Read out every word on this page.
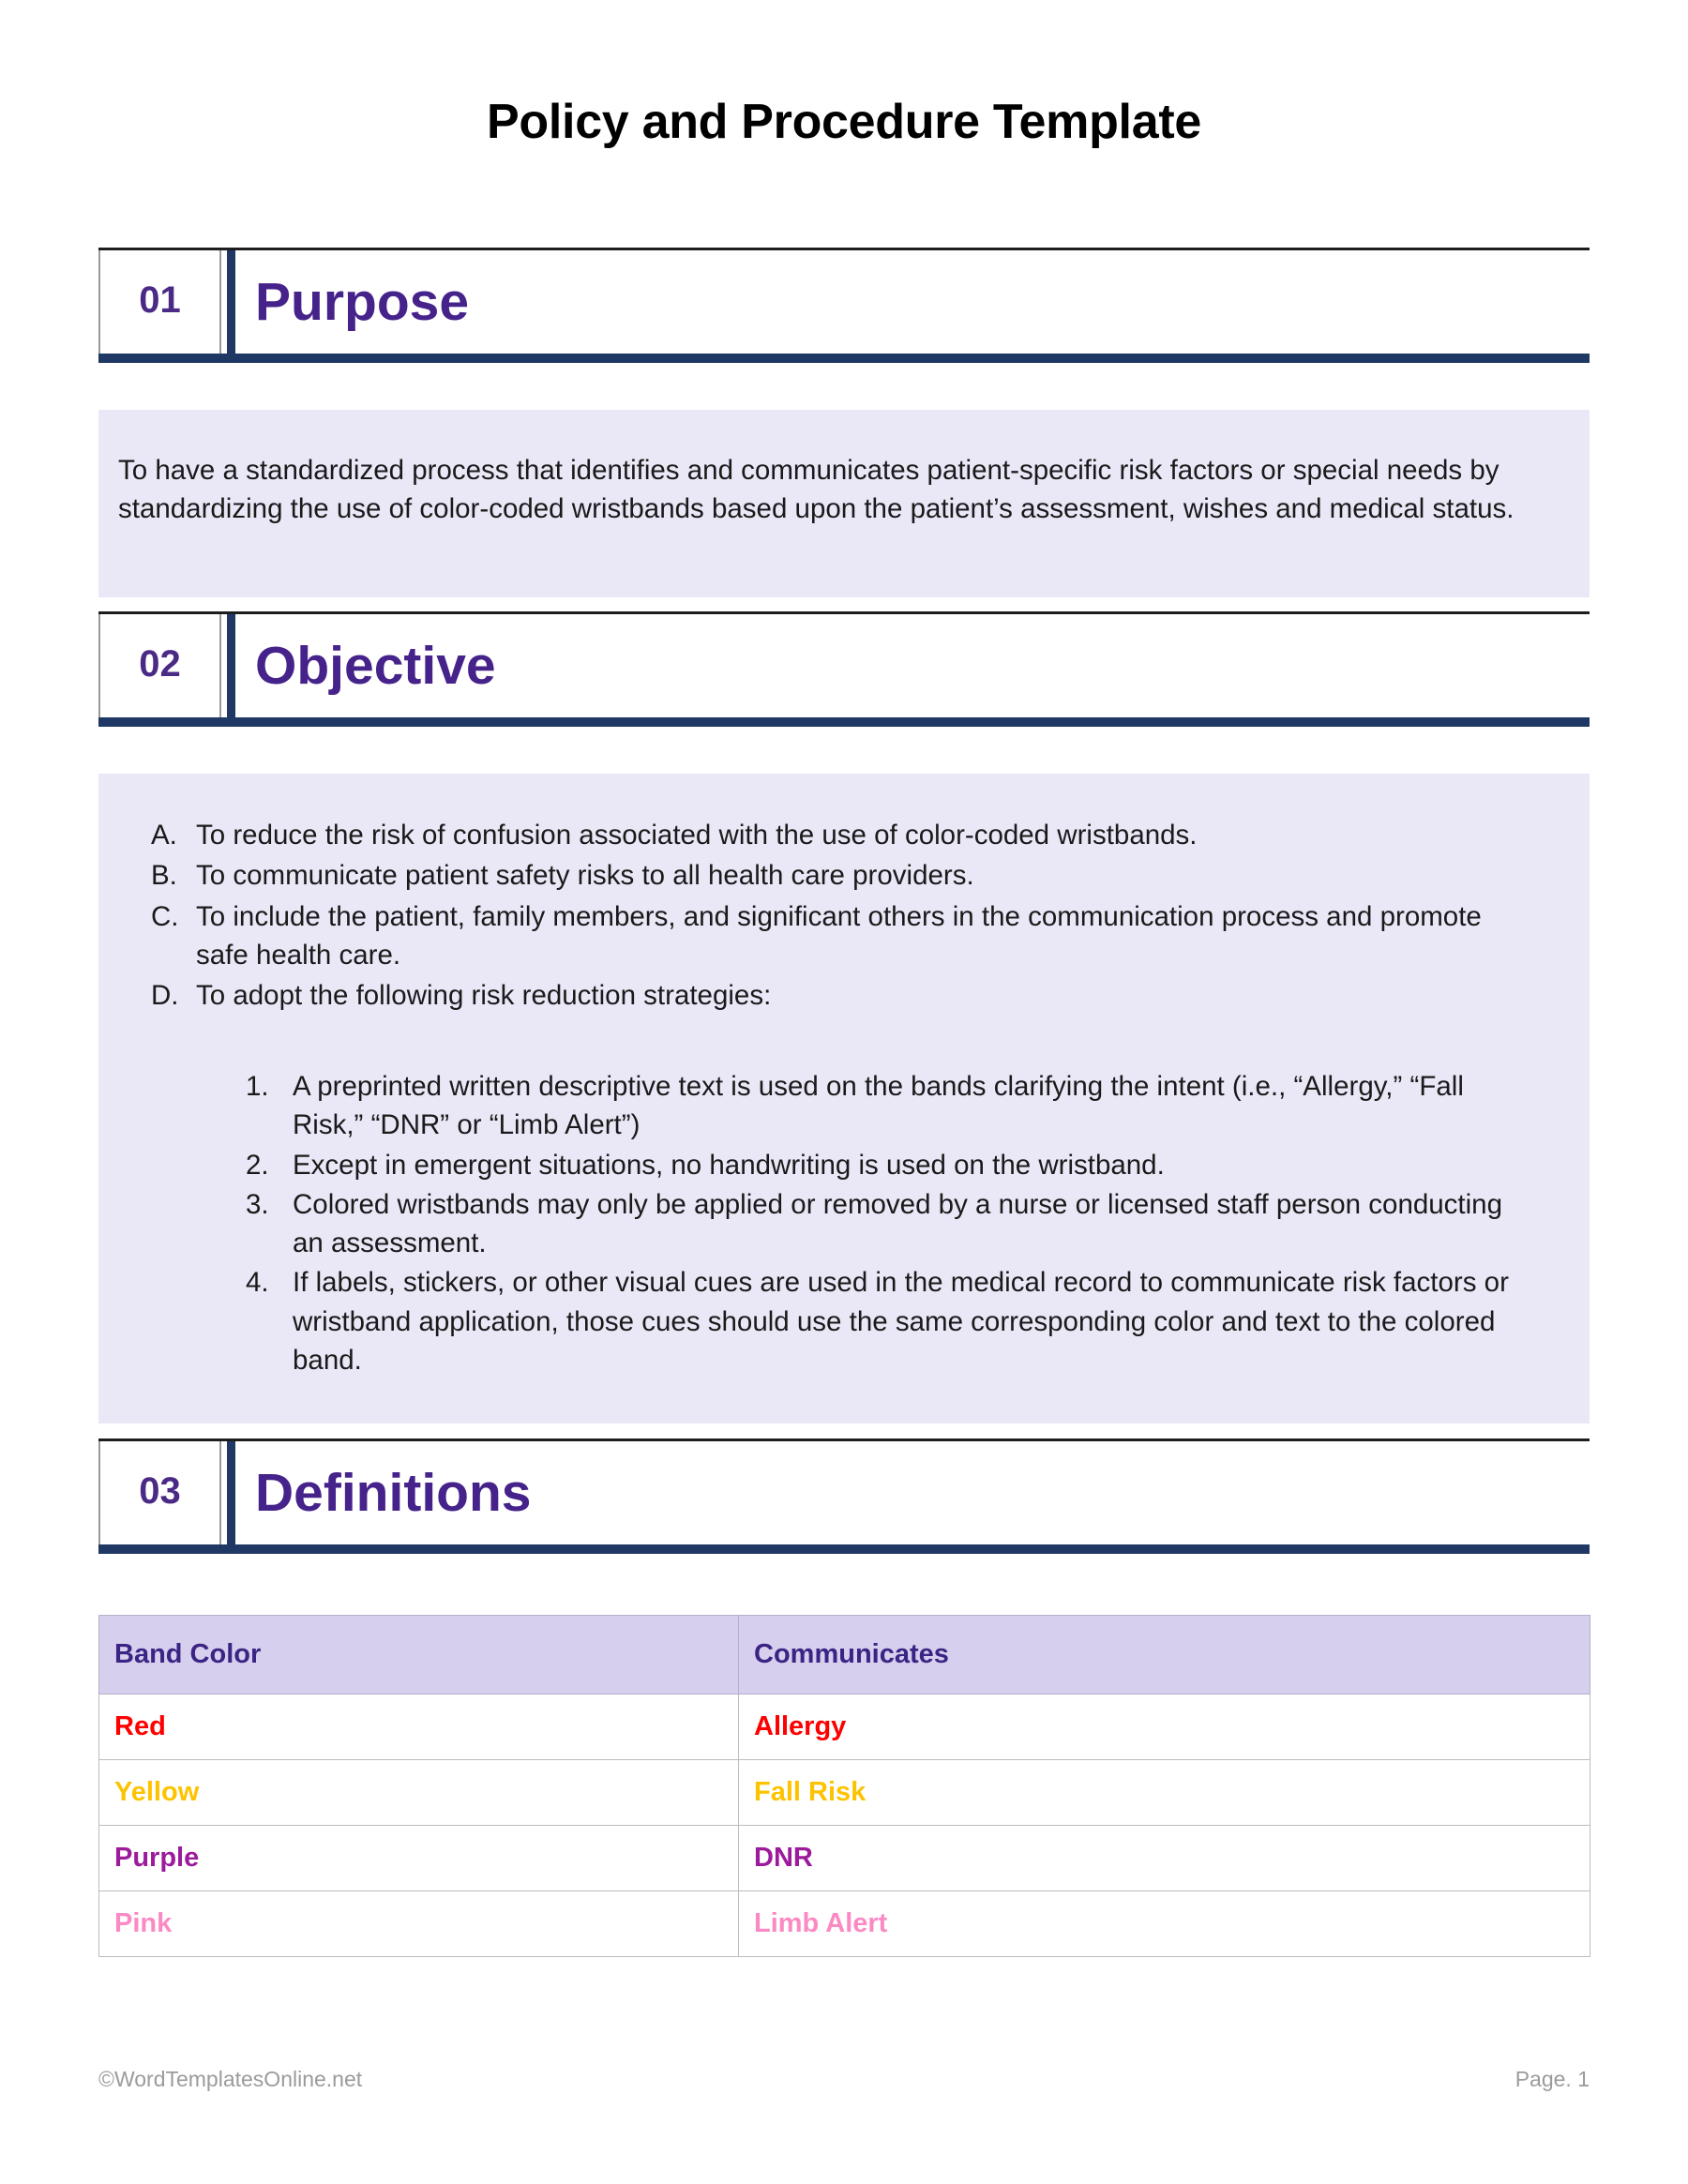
Policy and Procedure Template
01 Purpose
To have a standardized process that identifies and communicates patient-specific risk factors or special needs by standardizing the use of color-coded wristbands based upon the patient’s assessment, wishes and medical status.
02 Objective
A. To reduce the risk of confusion associated with the use of color-coded wristbands.
B. To communicate patient safety risks to all health care providers.
C. To include the patient, family members, and significant others in the communication process and promote safe health care.
D. To adopt the following risk reduction strategies:
1. A preprinted written descriptive text is used on the bands clarifying the intent (i.e., “Allergy,” “Fall Risk,” “DNR” or “Limb Alert”)
2. Except in emergent situations, no handwriting is used on the wristband.
3. Colored wristbands may only be applied or removed by a nurse or licensed staff person conducting an assessment.
4. If labels, stickers, or other visual cues are used in the medical record to communicate risk factors or wristband application, those cues should use the same corresponding color and text to the colored band.
03 Definitions
Band Color	Communicates
Red	Allergy
Yellow	Fall Risk
Purple	DNR
Pink	Limb Alert
©WordTemplatesOnline.net	Page. 1
